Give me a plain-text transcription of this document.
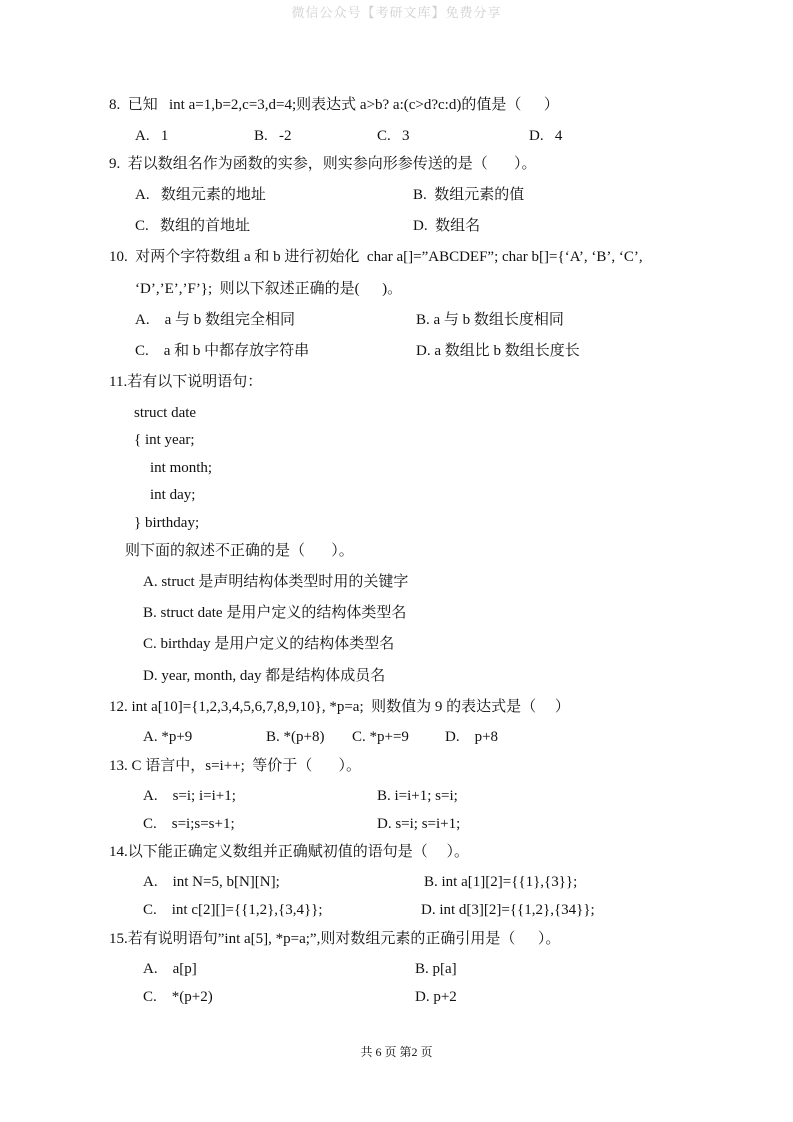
微信公众号【考研文库】免费分享
8.  已知   int a=1,b=2,c=3,d=4;则表达式 a>b? a:(c>d?c:d)的值是（      ）
A.   1	B.   -2	C.   3	D.   4
9.  若以数组名作为函数的实参，则实参向形参传送的是（       ）。
A.   数组元素的地址	B.  数组元素的值
C.   数组的首地址	D.  数组名
10.  对两个字符数组 a 和 b 进行初始化  char a[]=”ABCDEF”; char b[]={‘A’, ‘B’, ‘C’,
‘D’,’E’,’F’};  则以下叙述正确的是(      )。
A.    a 与 b 数组完全相同	B. a 与 b 数组长度相同
C.    a 和 b 中都存放字符串	D. a 数组比 b 数组长度长
11.若有以下说明语句：
struct date
{ int year;
int month;
int day;
} birthday;
则下面的叙述不正确的是（       ）。
A. struct 是声明结构体类型时用的关键字
B. struct date 是用户定义的结构体类型名
C. birthday 是用户定义的结构体类型名
D. year, month, day 都是结构体成员名
12. int a[10]={1,2,3,4,5,6,7,8,9,10}, *p=a;  则数值为 9 的表达式是（     ）
A. *p+9	B. *(p+8) C. *p+=9 D.    p+8
13. C 语言中，s=i++;  等价于（       ）。
A.    s=i; i=i+1;	B. i=i+1; s=i;
C.    s=i;s=s+1;	D. s=i; s=i+1;
14.以下能正确定义数组并正确赋初值的语句是（     ）。
A.    int N=5, b[N][N];	B. int a[1][2]={{1},{3}};
C.    int c[2][]={{1,2},{3,4}};	D. int d[3][2]={{1,2},{34}};
15.若有说明语句”int a[5], *p=a;”,则对数组元素的正确引用是（      ）。
A.    a[p]	B. p[a]
C.    *(p+2)	D. p+2
共 6 页 第2 页
